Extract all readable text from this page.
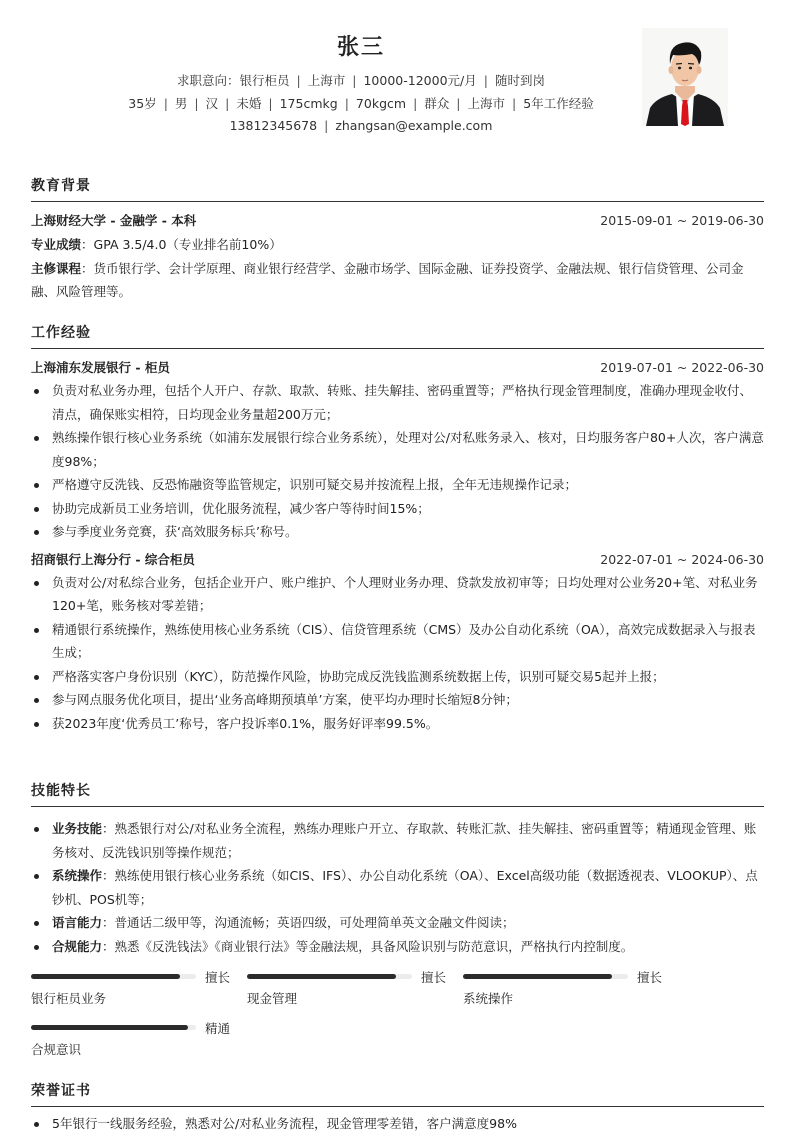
张三
求职意向：银行柜员 | 上海市 | 10000-12000元/月 | 随时到岗
35岁 | 男 | 汉 | 未婚 | 175cmkg | 70kgcm | 群众 | 上海市 | 5年工作经验
13812345678 | zhangsan@example.com
教育背景
上海财经大学 - 金融学 - 本科	2015-09-01 ~ 2019-06-30
专业成绩：GPA 3.5/4.0（专业排名前10%）
主修课程：货币银行学、会计学原理、商业银行经营学、金融市场学、国际金融、证券投资学、金融法规、银行信贷管理、公司金融、风险管理等。
工作经验
上海浦东发展银行 - 柜员	2019-07-01 ~ 2022-06-30
负责对私业务办理，包括个人开户、存款、取款、转账、挂失解挂、密码重置等；严格执行现金管理制度，准确办理现金收付、清点，确保账实相符，日均现金业务量超200万元；
熟练操作银行核心业务系统（如浦东发展银行综合业务系统），处理对公/对私账务录入、核对，日均服务客户80+人次，客户满意度98%；
严格遵守反洗钱、反恐怖融资等监管规定，识别可疑交易并按流程上报，全年无违规操作记录；
协助完成新员工业务培训，优化服务流程，减少客户等待时间15%；
参与季度业务竞赛，获‘高效服务标兵’称号。
招商银行上海分行 - 综合柜员	2022-07-01 ~ 2024-06-30
负责对公/对私综合业务，包括企业开户、账户维护、个人理财业务办理、贷款发放初审等；日均处理对公业务20+笔、对私业务120+笔，账务核对零差错；
精通银行系统操作，熟练使用核心业务系统（CIS）、信贷管理系统（CMS）及办公自动化系统（OA），高效完成数据录入与报表生成；
严格落实客户身份识别（KYC），防范操作风险，协助完成反洗钱监测系统数据上传，识别可疑交易5起并上报；
参与网点服务优化项目，提出‘业务高峰期预填单’方案，使平均办理时长缩短8分钟；
获2023年度‘优秀员工’称号，客户投诉率0.1%，服务好评率99.5%。
技能特长
业务技能：熟悉银行对公/对私业务全流程，熟练办理账户开立、存取款、转账汇款、挂失解挂、密码重置等；精通现金管理、账务核对、反洗钱识别等操作规范；
系统操作：熟练使用银行核心业务系统（如CIS、IFS）、办公自动化系统（OA）、Excel高级功能（数据透视表、VLOOKUP）、点钞机、POS机等；
语言能力：普通话二级甲等，沟通流畅；英语四级，可处理简单英文金融文件阅读；
合规能力：熟悉《反洗钱法》《商业银行法》等金融法规，具备风险识别与防范意识，严格执行内控制度。
擅长
银行柜员业务
擅长
现金管理
擅长
系统操作
精通
合规意识
荣誉证书
5年银行一线服务经验，熟悉对公/对私业务流程，现金管理零差错，客户满意度98%
